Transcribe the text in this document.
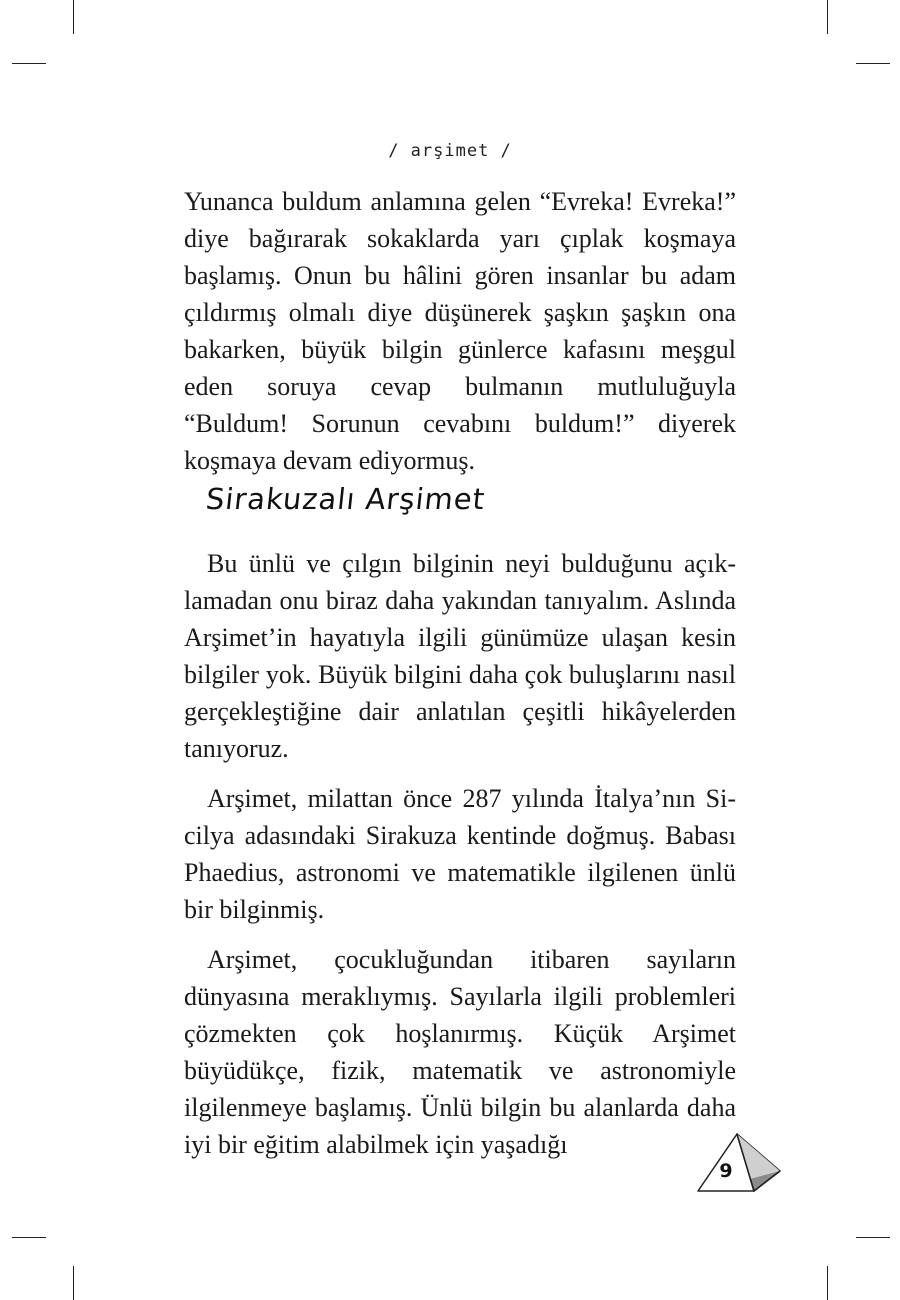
/ arşimet /

Yunanca buldum anlamına gelen “Evreka! Evreka!” diye bağırarak sokaklarda yarı çıplak koşmaya başlamış. Onun bu hâlini gören insanlar bu adam çıldırmış olmalı diye düşünerek şaşkın şaşkın ona bakarken, büyük bilgin günlerce kafasını meşgul eden soruya cevap bulmanın mutluluğuyla “Buldum! Sorunun cevabını buldum!” diyerek koşmaya devam ediyormuş.

Sirakuzalı Arşimet

Bu ünlü ve çılgın bilginin neyi bulduğunu açıklamadan onu biraz daha yakından tanıyalım. Aslında Arşimet’in hayatıyla ilgili günümüze ulaşan kesin bilgiler yok. Büyük bilgini daha çok buluşlarını nasıl gerçekleştiğine dair anlatılan çeşitli hikâyelerden tanıyoruz.

Arşimet, milattan önce 287 yılında İtalya’nın Sicilya adasındaki Sirakuza kentinde doğmuş. Babası Phaedius, astronomi ve matematikle ilgilenen ünlü bir bilginmiş.

Arşimet, çocukluğundan itibaren sayıların dünyasına meraklıymış. Sayılarla ilgili problemleri çözmekten çok hoşlanırmış. Küçük Arşimet büyüdükçe, fizik, matematik ve astronomiyle ilgilenmeye başlamış. Ünlü bilgin bu alanlarda daha iyi bir eğitim alabilmek için yaşadığı

9
